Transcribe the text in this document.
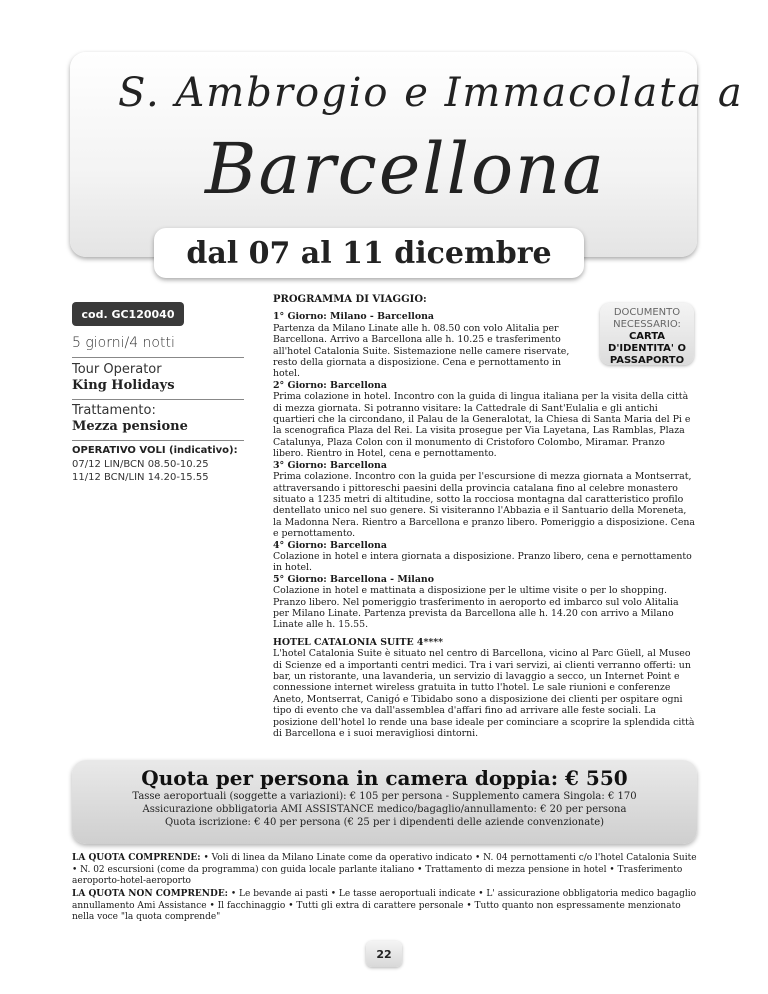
S. Ambrogio e Immacolata a
Barcellona
dal 07 al 11 dicembre
cod. GC120040
5 giorni/4 notti
Tour Operator
King Holidays
Trattamento:
Mezza pensione
OPERATIVO VOLI (indicativo):
07/12 LIN/BCN 08.50-10.25
11/12 BCN/LIN 14.20-15.55
DOCUMENTO
NECESSARIO:
CARTA
D'IDENTITA' O
PASSAPORTO
PROGRAMMA DI VIAGGIO:
1° Giorno: Milano - Barcellona

Partenza da Milano Linate alle h. 08.50 con volo Alitalia per Barcellona. Arrivo a Barcellona alle h. 10.25 e trasferimento all'hotel Catalonia Suite. Sistemazione nelle camere riservate, resto della giornata a disposizione. Cena e pernottamento in hotel.

2° Giorno: Barcellona

Prima colazione in hotel. Incontro con la guida di lingua italiana per la visita della città di mezza giornata. Si potranno visitare: la Cattedrale di Sant'Eulalia e gli antichi quartieri che la circondano, il Palau de la Generalotat, la Chiesa di Santa Maria del Pi e la scenografica Plaza del Rei. La visita prosegue per Via Layetana, Las Ramblas, Plaza Catalunya, Plaza Colon con il monumento di Cristoforo Colombo, Miramar. Pranzo libero. Rientro in Hotel, cena e pernottamento.

3° Giorno: Barcellona

Prima colazione. Incontro con la guida per l'escursione di mezza giornata a Montserrat, attraversando i pittoreschi paesini della provincia catalana fino al celebre monastero situato a 1235 metri di altitudine, sotto la rocciosa montagna dal caratteristico profilo dentellato unico nel suo genere. Si visiteranno l'Abbazia e il Santuario della Moreneta, la Madonna Nera. Rientro a Barcellona e pranzo libero. Pomeriggio a disposizione. Cena e pernottamento.

4° Giorno: Barcellona

Colazione in hotel e intera giornata a disposizione. Pranzo libero, cena e pernottamento in hotel.

5° Giorno: Barcellona - Milano

Colazione in hotel e mattinata a disposizione per le ultime visite o per lo shopping. Pranzo libero. Nel pomeriggio trasferimento in aeroporto ed imbarco sul volo Alitalia per Milano Linate. Partenza prevista da Barcellona alle h. 14.20 con arrivo a Milano Linate alle h. 15.55.

HOTEL CATALONIA SUITE 4****

L'hotel Catalonia Suite è situato nel centro di Barcellona, vicino al Parc Güell, al Museo di Scienze ed a importanti centri medici. Tra i vari servizi, ai clienti verranno offerti: un bar, un ristorante, una lavanderia, un servizio di lavaggio a secco, un Internet Point e connessione internet wireless gratuita in tutto l'hotel. Le sale riunioni e conferenze Aneto, Montserrat, Canigó e Tibidabo sono a disposizione dei clienti per ospitare ogni tipo di evento che va dall'assemblea d'affari fino ad arrivare alle feste sociali. La posizione dell'hotel lo rende una base ideale per cominciare a scoprire la splendida città di Barcellona e i suoi meravigliosi dintorni.

Quota per persona in camera doppia: € 550
Tasse aeroportuali (soggette a variazioni): € 105 per persona - Supplemento camera Singola: € 170
Assicurazione obbligatoria AMI ASSISTANCE medico/bagaglio/annullamento: € 20 per persona
Quota iscrizione: € 40 per persona (€ 25 per i dipendenti delle aziende convenzionate)
LA QUOTA COMPRENDE: • Voli di linea da Milano Linate come da operativo indicato • N. 04 pernottamenti c/o l'hotel Catalonia Suite • N. 02 escursioni (come da programma) con guida locale parlante italiano • Trattamento di mezza pensione in hotel • Trasferimento aeroporto-hotel-aeroporto
LA QUOTA NON COMPRENDE: • Le bevande ai pasti • Le tasse aeroportuali indicate • L' assicurazione obbligatoria medico bagaglio annullamento Ami Assistance • Il facchinaggio • Tutti gli extra di carattere personale • Tutto quanto non espressamente menzionato nella voce "la quota comprende"
22
